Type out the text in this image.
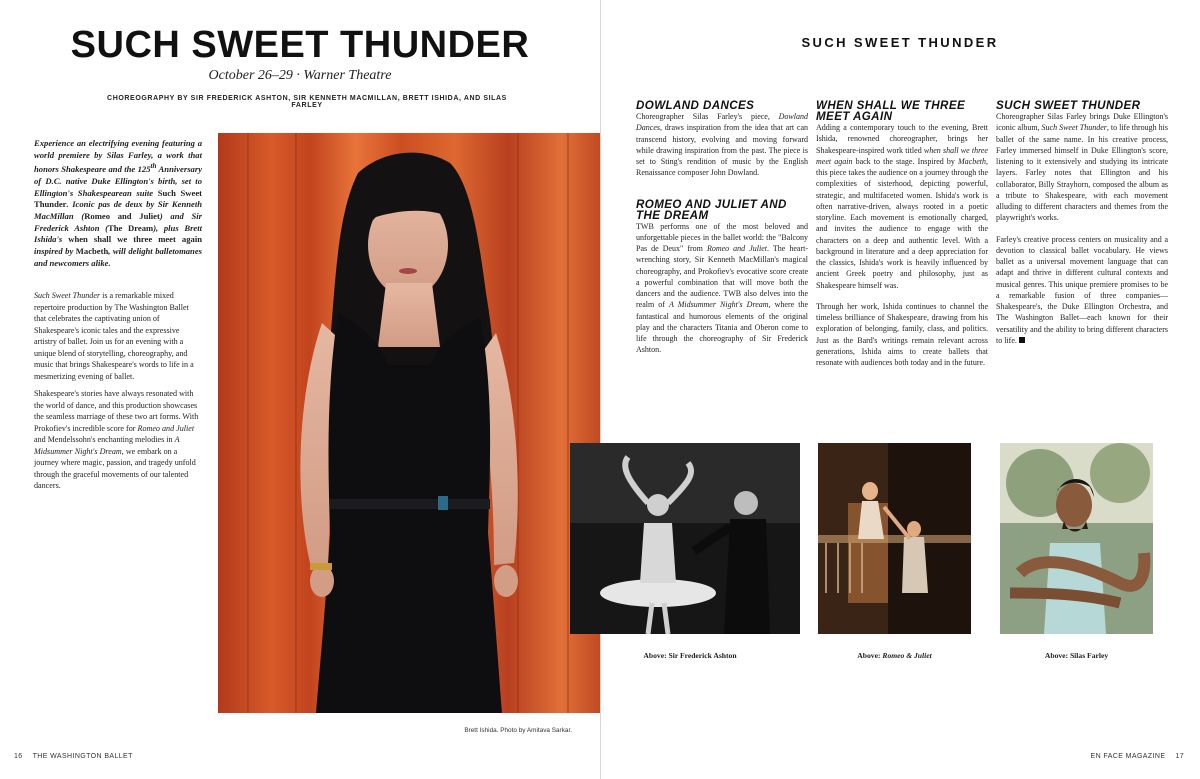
SUCH SWEET THUNDER
October 26–29 · Warner Theatre
CHOREOGRAPHY BY SIR FREDERICK ASHTON, SIR KENNETH MACMILLAN, BRETT ISHIDA, AND SILAS FARLEY

Experience an electrifying evening featuring a world premiere by Silas Farley, a work that honors Shakespeare and the 125th Anniversary of D.C. native Duke Ellington's birth, set to Ellington's Shakespearean suite Such Sweet Thunder. Iconic pas de deux by Sir Kenneth MacMillan (Romeo and Juliet) and Sir Frederick Ashton (The Dream), plus Brett Ishida's when shall we three meet again inspired by Macbeth, will delight balletomanes and newcomers alike.

Such Sweet Thunder is a remarkable mixed repertoire production by The Washington Ballet that celebrates the captivating union of Shakespeare's iconic tales and the expressive artistry of ballet. Join us for an evening with a unique blend of storytelling, choreography, and music that brings Shakespeare's words to life in a mesmerizing evening of ballet.

Shakespeare's stories have always resonated with the world of dance, and this production showcases the seamless marriage of these two art forms. With Prokofiev's incredible score for Romeo and Juliet and Mendelssohn's enchanting melodies in A Midsummer Night's Dream, we embark on a journey where magic, passion, and tragedy unfold through the graceful movements of our talented dancers.

Brett Ishida. Photo by Amitava Sarkar.
16 THE WASHINGTON BALLET
SUCH SWEET THUNDER
DOWLAND DANCES

Choreographer Silas Farley's piece, Dowland Dances, draws inspiration from the idea that art can transcend history, evolving and moving forward while drawing inspiration from the past. The piece is set to Sting's rendition of music by the English Renaissance composer John Dowland.

ROMEO AND JULIET AND THE DREAM

TWB performs one of the most beloved and unforgettable pieces in the ballet world: the "Balcony Pas de Deux" from Romeo and Juliet. The heart-wrenching story, Sir Kenneth MacMillan's magical choreography, and Prokofiev's evocative score create a powerful combination that will move both the dancers and the audience. TWB also delves into the realm of A Midsummer Night's Dream, where the fantastical and humorous elements of the original play and the characters Titania and Oberon come to life through the choreography of Sir Frederick Ashton.

WHEN SHALL WE THREE MEET AGAIN

Adding a contemporary touch to the evening, Brett Ishida, renowned choreographer, brings her Shakespeare-inspired work titled when shall we three meet again back to the stage. Inspired by Macbeth, this piece takes the audience on a journey through the complexities of sisterhood, depicting powerful, strategic, and multifaceted women. Ishida's work is often narrative-driven, always rooted in a poetic storyline. Each movement is emotionally charged, and invites the audience to engage with the characters on a deep and authentic level. With a background in literature and a deep appreciation for the classics, Ishida's work is heavily influenced by ancient Greek poetry and philosophy, just as Shakespeare himself was.

Through her work, Ishida continues to channel the timeless brilliance of Shakespeare, drawing from his exploration of belonging, family, class, and politics. Just as the Bard's writings remain relevant across generations, Ishida aims to create ballets that resonate with audiences both today and in the future.

SUCH SWEET THUNDER

Choreographer Silas Farley brings Duke Ellington's iconic album, Such Sweet Thunder, to life through his ballet of the same name. In his creative process, Farley immersed himself in Duke Ellington's score, listening to it extensively and studying its intricate layers. Farley notes that Ellington and his collaborator, Billy Strayhorn, composed the album as a tribute to Shakespeare, with each movement alluding to different characters and themes from the playwright's works.

Farley's creative process centers on musicality and a devotion to classical ballet vocabulary. He views ballet as a universal movement language that can adapt and thrive in different cultural contexts and musical genres. This unique premiere promises to be a remarkable fusion of three companies—Shakespeare's, the Duke Ellington Orchestra, and The Washington Ballet—each known for their versatility and the ability to bring different characters to life.

Above: Sir Frederick Ashton	Above: Romeo & Juliet	Above: Silas Farley
EN FACE MAGAZINE 17
